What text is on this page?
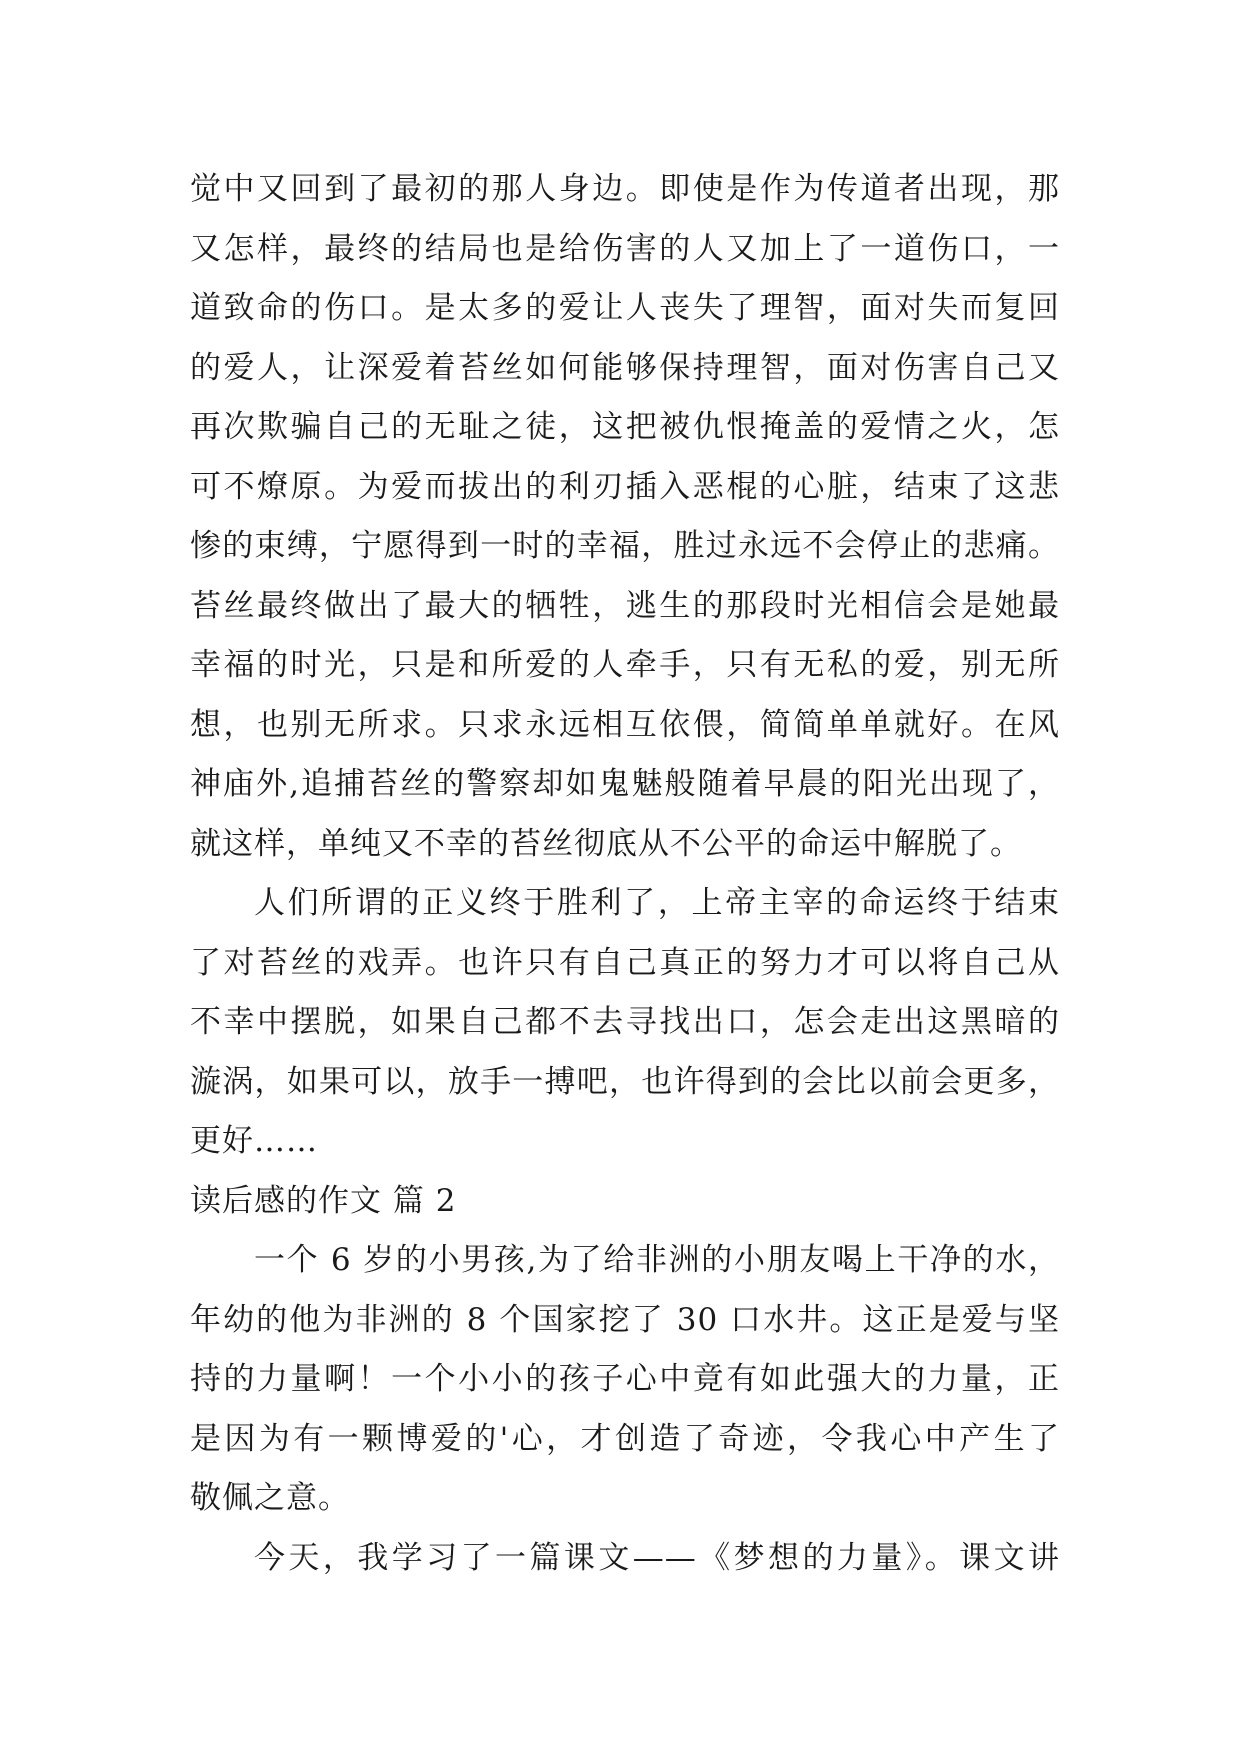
觉中又回到了最初的那人身边。即使是作为传道者出现，那
又怎样，最终的结局也是给伤害的人又加上了一道伤口，一
道致命的伤口。是太多的爱让人丧失了理智，面对失而复回
的爱人，让深爱着苔丝如何能够保持理智，面对伤害自己又
再次欺骗自己的无耻之徒，这把被仇恨掩盖的爱情之火，怎
可不燎原。为爱而拔出的利刃插入恶棍的心脏，结束了这悲
惨的束缚，宁愿得到一时的幸福，胜过永远不会停止的悲痛。
苔丝最终做出了最大的牺牲，逃生的那段时光相信会是她最
幸福的时光，只是和所爱的人牵手，只有无私的爱，别无所
想，也别无所求。只求永远相互依偎，简简单单就好。在风
神庙外,追捕苔丝的警察却如鬼魅般随着早晨的阳光出现了，
就这样，单纯又不幸的苔丝彻底从不公平的命运中解脱了。
人们所谓的正义终于胜利了，上帝主宰的命运终于结束
了对苔丝的戏弄。也许只有自己真正的努力才可以将自己从
不幸中摆脱，如果自己都不去寻找出口，怎会走出这黑暗的
漩涡，如果可以，放手一搏吧，也许得到的会比以前会更多，
更好……
读后感的作文 篇 2
一个 6 岁的小男孩,为了给非洲的小朋友喝上干净的水，
年幼的他为非洲的 8 个国家挖了 30 口水井。这正是爱与坚
持的力量啊！一个小小的孩子心中竟有如此强大的力量，正
是因为有一颗博爱的'心，才创造了奇迹，令我心中产生了
敬佩之意。
今天，我学习了一篇课文——《梦想的力量》。课文讲
